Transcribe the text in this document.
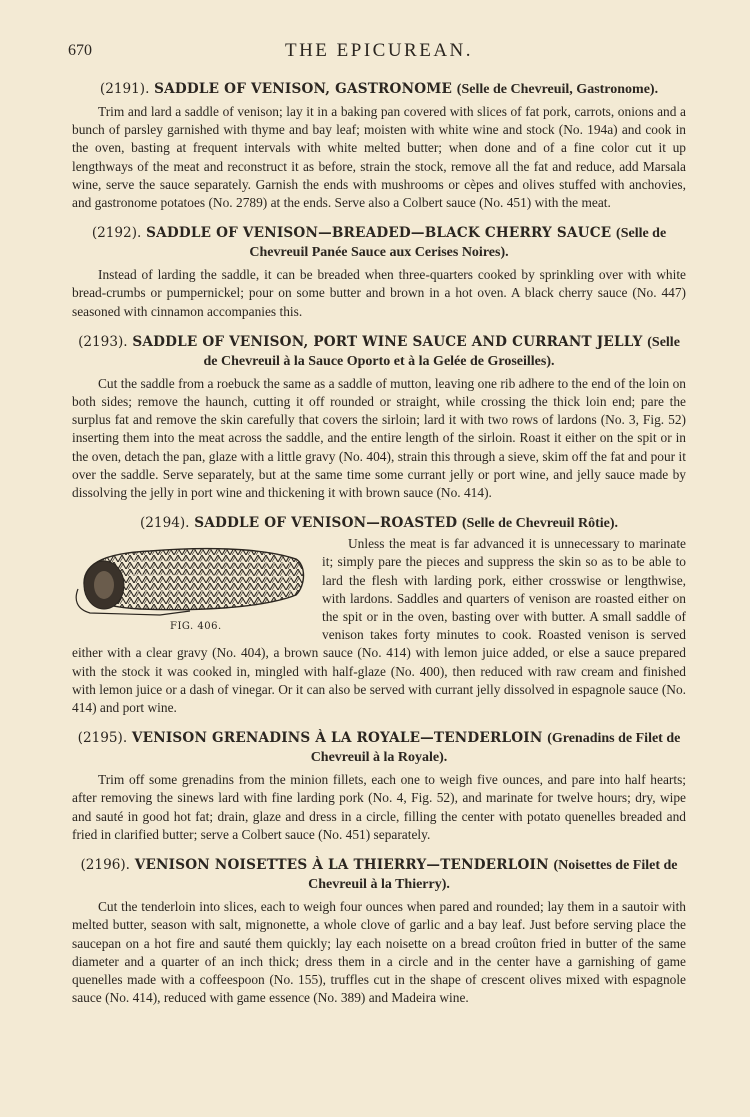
670	THE EPICUREAN.
(2191). SADDLE OF VENISON, GASTRONOME (Selle de Chevreuil, Gastronome).

Trim and lard a saddle of venison; lay it in a baking pan covered with slices of fat pork, carrots, onions and a bunch of parsley garnished with thyme and bay leaf; moisten with white wine and stock (No. 194a) and cook in the oven, basting at frequent intervals with white melted butter; when done and of a fine color cut it up lengthways of the meat and reconstruct it as before, strain the stock, remove all the fat and reduce, add Marsala wine, serve the sauce separately. Garnish the ends with mushrooms or cèpes and olives stuffed with anchovies, and gastronome potatoes (No. 2789) at the ends. Serve also a Colbert sauce (No. 451) with the meat.

(2192). SADDLE OF VENISON—BREADED—BLACK CHERRY SAUCE (Selle de Chevreuil Panée Sauce aux Cerises Noires).

Instead of larding the saddle, it can be breaded when three-quarters cooked by sprinkling over with white bread-crumbs or pumpernickel; pour on some butter and brown in a hot oven. A black cherry sauce (No. 447) seasoned with cinnamon accompanies this.

(2193). SADDLE OF VENISON, PORT WINE SAUCE AND CURRANT JELLY (Selle de Chevreuil à la Sauce Oporto et à la Gelée de Groseilles).

Cut the saddle from a roebuck the same as a saddle of mutton, leaving one rib adhere to the end of the loin on both sides; remove the haunch, cutting it off rounded or straight, while crossing the thick loin end; pare the surplus fat and remove the skin carefully that covers the sirloin; lard it with two rows of lardons (No. 3, Fig. 52) inserting them into the meat across the saddle, and the entire length of the sirloin. Roast it either on the spit or in the oven, detach the pan, glaze with a little gravy (No. 404), strain this through a sieve, skim off the fat and pour it over the saddle. Serve separately, but at the same time some currant jelly or port wine, and jelly sauce made by dissolving the jelly in port wine and thickening it with brown sauce (No. 414).

(2194). SADDLE OF VENISON—ROASTED (Selle de Chevreuil Rôtie).
FIG. 406.

Unless the meat is far advanced it is unnecessary to marinate it; simply pare the pieces and suppress the skin so as to be able to lard the flesh with larding pork, either crosswise or lengthwise, with lardons. Saddles and quarters of venison are roasted either on the spit or in the oven, basting over with butter. A small saddle of venison takes forty minutes to cook. Roasted venison is served either with a clear gravy (No. 404), a brown sauce (No. 414) with lemon juice added, or else a sauce prepared with the stock it was cooked in, mingled with half-glaze (No. 400), then reduced with raw cream and finished with lemon juice or a dash of vinegar. Or it can also be served with currant jelly dissolved in espagnole sauce (No. 414) and port wine.

(2195). VENISON GRENADINS À LA ROYALE—TENDERLOIN (Grenadins de Filet de Chevreuil à la Royale).

Trim off some grenadins from the minion fillets, each one to weigh five ounces, and pare into half hearts; after removing the sinews lard with fine larding pork (No. 4, Fig. 52), and marinate for twelve hours; dry, wipe and sauté in good hot fat; drain, glaze and dress in a circle, filling the center with potato quenelles breaded and fried in clarified butter; serve a Colbert sauce (No. 451) separately.

(2196). VENISON NOISETTES À LA THIERRY—TENDERLOIN (Noisettes de Filet de Chevreuil à la Thierry).

Cut the tenderloin into slices, each to weigh four ounces when pared and rounded; lay them in a sautoir with melted butter, season with salt, mignonette, a whole clove of garlic and a bay leaf. Just before serving place the saucepan on a hot fire and sauté them quickly; lay each noisette on a bread croûton fried in butter of the same diameter and a quarter of an inch thick; dress them in a circle and in the center have a garnishing of game quenelles made with a coffeespoon (No. 155), truffles cut in the shape of crescent olives mixed with espagnole sauce (No. 414), reduced with game essence (No. 389) and Madeira wine.
